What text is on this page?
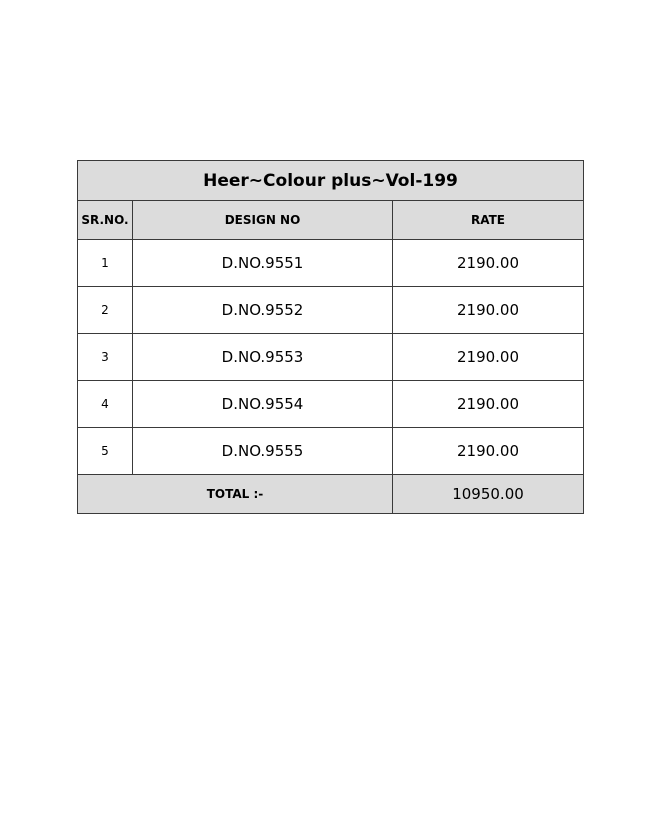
Heer~Colour plus~Vol-199		
SR.NO.	DESIGN NO	RATE
1	D.NO.9551	2190.00
2	D.NO.9552	2190.00
3	D.NO.9553	2190.00
4	D.NO.9554	2190.00
5	D.NO.9555	2190.00
TOTAL :-		10950.00
